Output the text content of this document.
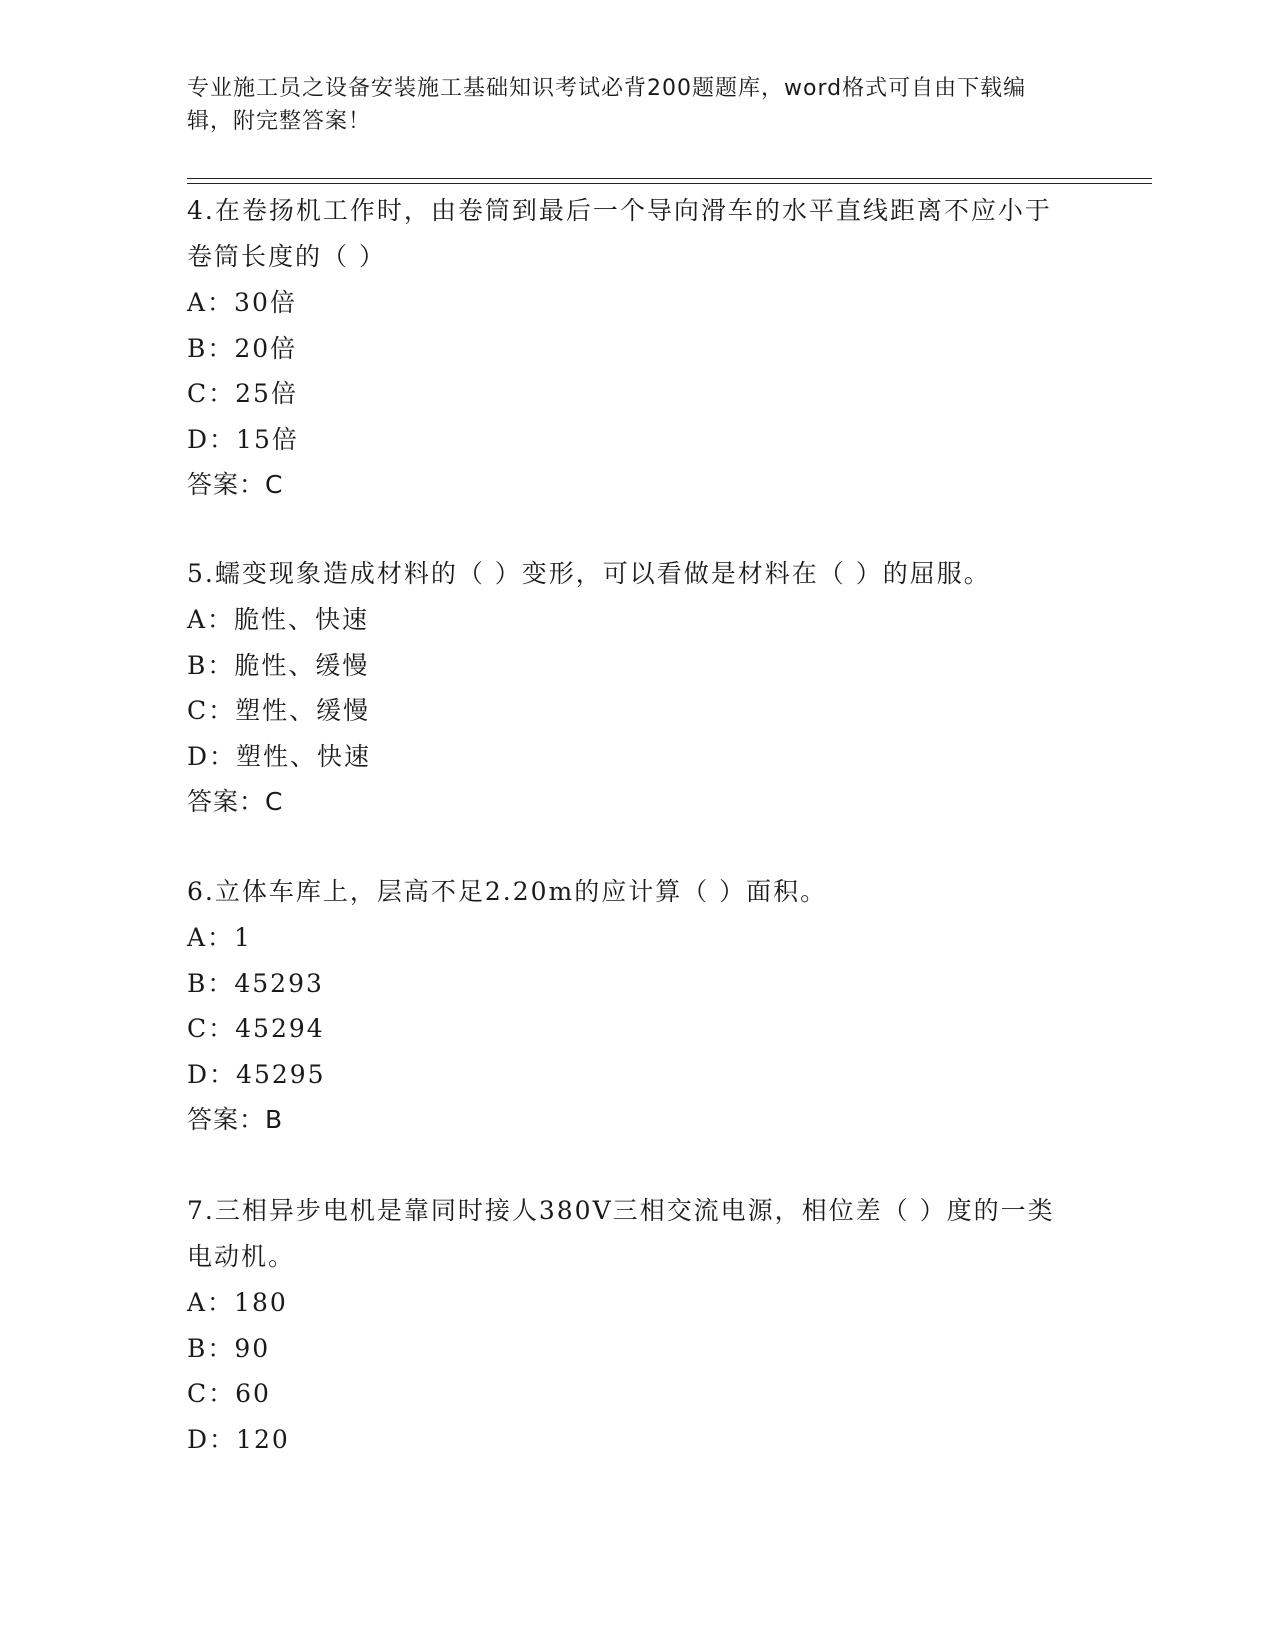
专业施工员之设备安装施工基础知识考试必背200题题库，word格式可自由下载编辑，附完整答案！

4.在卷扬机工作时，由卷筒到最后一个导向滑车的水平直线距离不应小于卷筒长度的（ ）

A：30倍

B：20倍

C：25倍

D：15倍

答案：C

5.蠕变现象造成材料的（ ）变形，可以看做是材料在（ ）的屈服。

A：脆性、快速

B：脆性、缓慢

C：塑性、缓慢

D：塑性、快速

答案：C

6.立体车库上，层高不足2.20m的应计算（ ）面积。

A：1

B：45293

C：45294

D：45295

答案：B

7.三相异步电机是靠同时接人380V三相交流电源，相位差（ ）度的一类电动机。

A：180

B：90

C：60

D：120
